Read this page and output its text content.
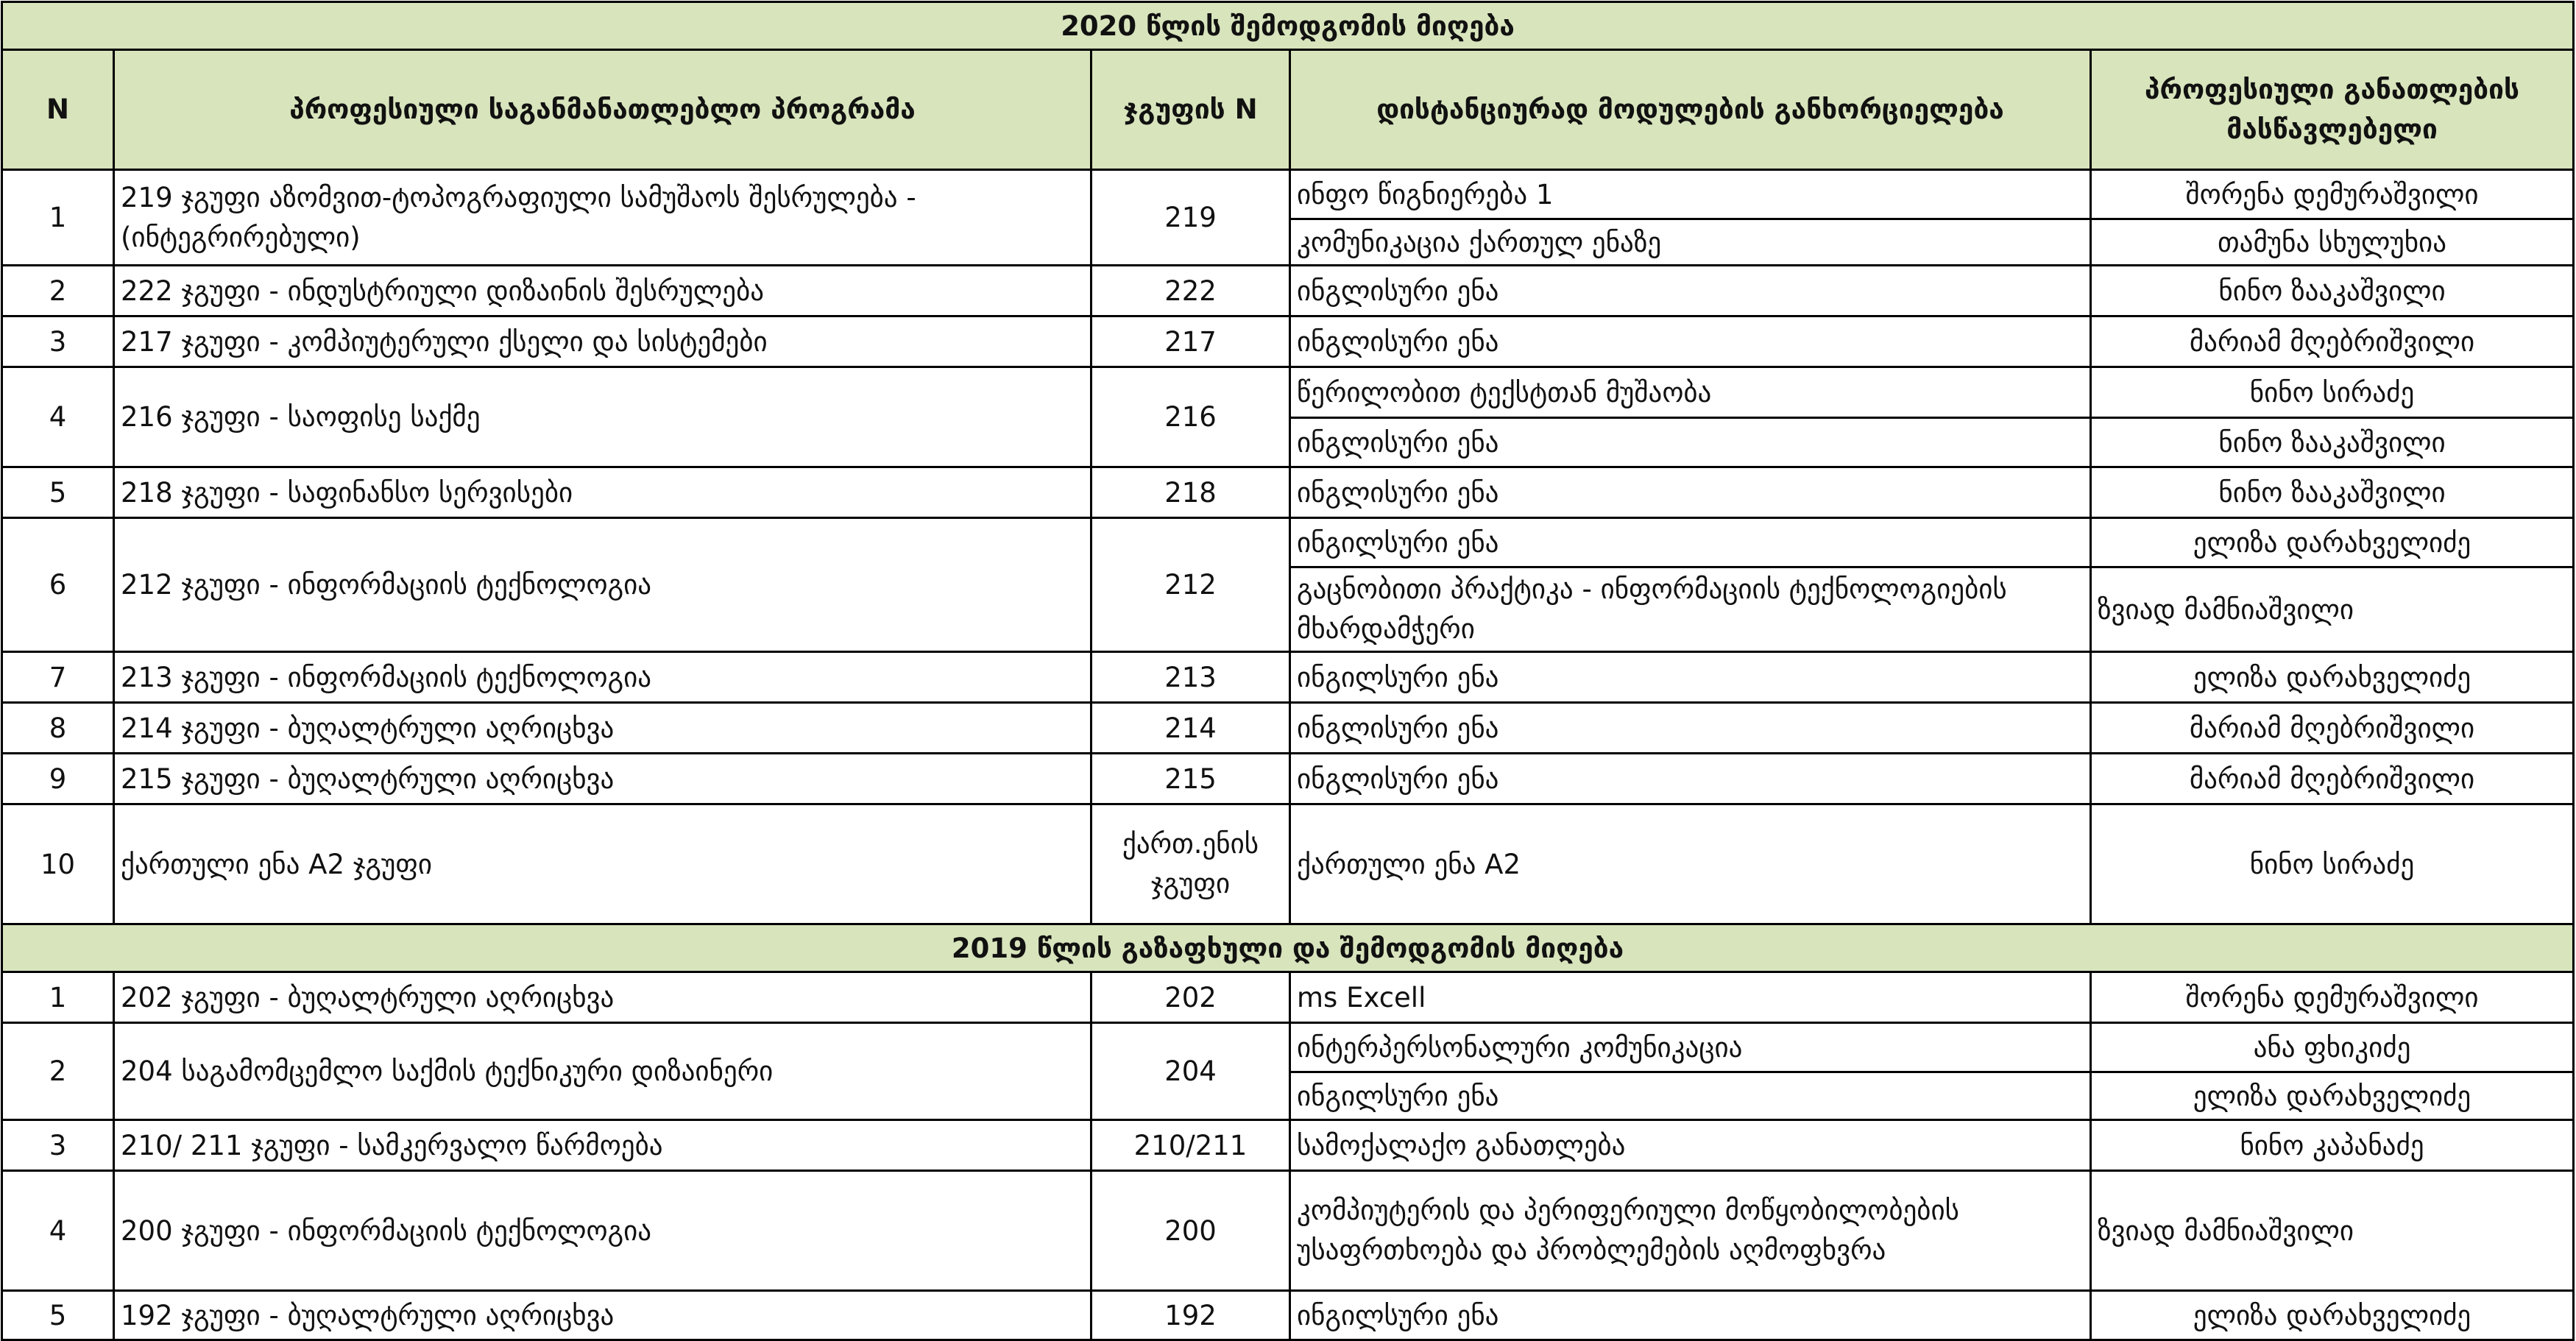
2020 წლის შემოდგომის მიღება				
N	პროფესიული საგანმანათლებლო პროგრამა	ჯგუფის N	დისტანციურად მოდულების განხორციელება	პროფესიული განათლების მასწავლებელი
1	219 ჯგუფი აზომვით-ტოპოგრაფიული სამუშაოს შესრულება - (ინტეგრირებული)	219	ინფო წიგნიერება 1	შორენა დემურაშვილი
			კომუნიკაცია ქართულ ენაზე	თამუნა სხულუხია
2	222 ჯგუფი - ინდუსტრიული დიზაინის შესრულება	222	ინგლისური ენა	ნინო ზააკაშვილი
3	217 ჯგუფი - კომპიუტერული ქსელი და სისტემები	217	ინგლისური ენა	მარიამ მღებრიშვილი
4	216 ჯგუფი - საოფისე საქმე	216	წერილობით ტექსტთან მუშაობა	ნინო სირაძე
			ინგლისური ენა	ნინო ზააკაშვილი
5	218 ჯგუფი - საფინანსო სერვისები	218	ინგლისური ენა	ნინო ზააკაშვილი
6	212 ჯგუფი - ინფორმაციის ტექნოლოგია	212	ინგილსური ენა	ელიზა დარახველიძე
			გაცნობითი პრაქტიკა - ინფორმაციის ტექნოლოგიების მხარდამჭერი	ზვიად მამნიაშვილი
7	213 ჯგუფი - ინფორმაციის ტექნოლოგია	213	ინგილსური ენა	ელიზა დარახველიძე
8	214 ჯგუფი - ბუღალტრული აღრიცხვა	214	ინგლისური ენა	მარიამ მღებრიშვილი
9	215 ჯგუფი - ბუღალტრული აღრიცხვა	215	ინგლისური ენა	მარიამ მღებრიშვილი
10	ქართული ენა A2 ჯგუფი	ქართ.ენის ჯგუფი	ქართული ენა A2	ნინო სირაძე
2019 წლის გაზაფხული და შემოდგომის მიღება				
1	202 ჯგუფი - ბუღალტრული აღრიცხვა	202	ms Excell	შორენა დემურაშვილი
2	204 საგამომცემლო საქმის ტექნიკური დიზაინერი	204	ინტერპერსონალური კომუნიკაცია	ანა ფხიკიძე
			ინგილსური ენა	ელიზა დარახველიძე
3	210/ 211 ჯგუფი - სამკერვალო წარმოება	210/211	სამოქალაქო განათლება	ნინო კაპანაძე
4	200 ჯგუფი - ინფორმაციის ტექნოლოგია	200	კომპიუტერის და პერიფერიული მოწყობილობების უსაფრთხოება და პრობლემების აღმოფხვრა	ზვიად მამნიაშვილი
5	192 ჯგუფი - ბუღალტრული აღრიცხვა	192	ინგილსური ენა	ელიზა დარახველიძე
